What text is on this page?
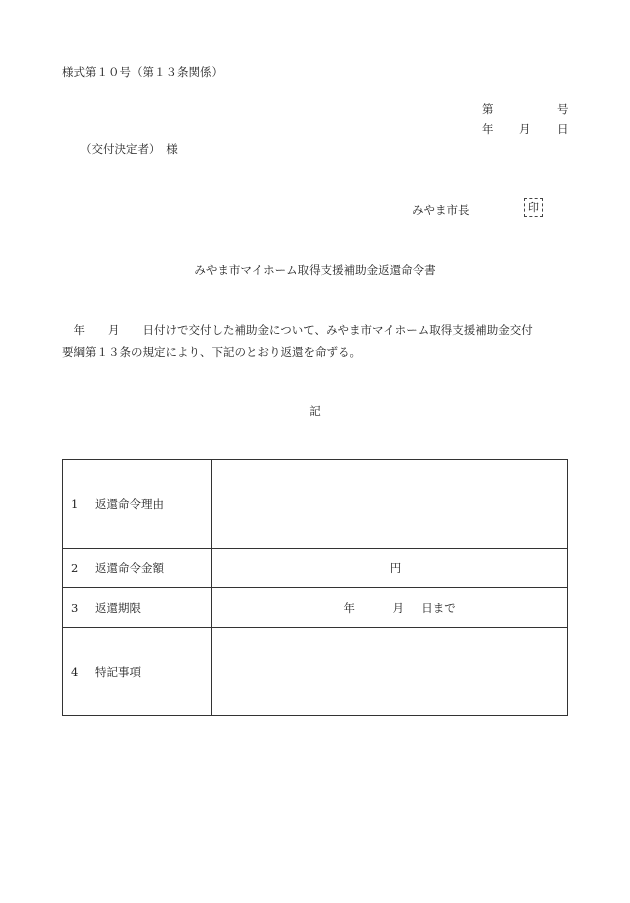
様式第１０号（第１３条関係）
第	号
年 月 日
（交付決定者）　様
みやま市長	印
みやま市マイホーム取得支援補助金返還命令書
　年　　月　　日付けで交付した補助金について、みやま市マイホーム取得支援補助金交付
要綱第１３条の規定により、下記のとおり返還を命ずる。
記
1 返還命令理由	
2 返還命令金額	円
3 返還期限	年 月 日まで
4 特記事項	
